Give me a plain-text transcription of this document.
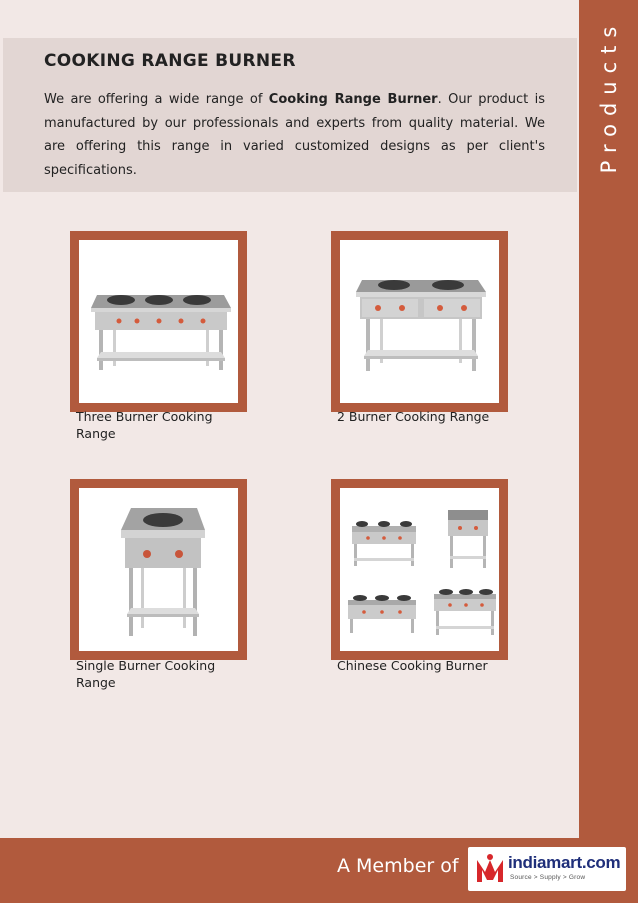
Products
COOKING RANGE BURNER
We are offering a wide range of Cooking Range Burner. Our product is manufactured by our professionals and experts from quality material. We are offering this range in varied customized designs as per client's specifications.
Three Burner Cooking Range
2 Burner Cooking Range
Single Burner Cooking Range
Chinese Cooking Burner
A Member of	indiamart.com
Source > Supply > Grow
